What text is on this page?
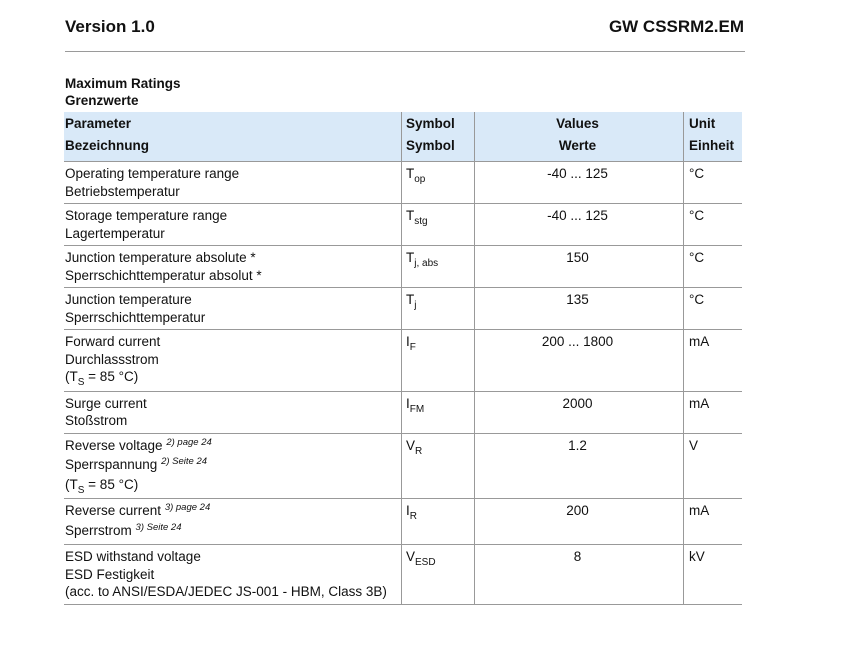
Version 1.0	GW CSSRM2.EM
Maximum Ratings
Grenzwerte
Parameter	Symbol	Values	Unit
Bezeichnung	Symbol	Werte	Einheit

Operating temperature range
Betriebstemperatur	$T_{op}$	-40 ... 125	°C

Storage temperature range
Lagertemperatur	$T_{stg}$	-40 ... 125	°C

Junction temperature absolute *
Sperrschichttemperatur absolut *	$T_{j, abs}$	150	°C

Junction temperature
Sperrschichttemperatur	$T_j$	135	°C

Forward current
Durchlassstrom
($T_S = 85$ °C)	$I_F$	200 ... 1800	mA

Surge current
Stoßstrom	$I_{FM}$	2000	mA

Reverse voltage $^{2) page 24}$
Sperrspannung $^{2) Seite 24}$
($T_S = 85$ °C)	$V_R$	1.2	V

Reverse current $^{3) page 24}$
Sperrstrom $^{3) Seite 24}$	$I_R$	200	mA

ESD withstand voltage
ESD Festigkeit
(acc. to ANSI/ESDA/JEDEC JS-001 - HBM, Class 3B)	$V_{ESD}$	8	kV
